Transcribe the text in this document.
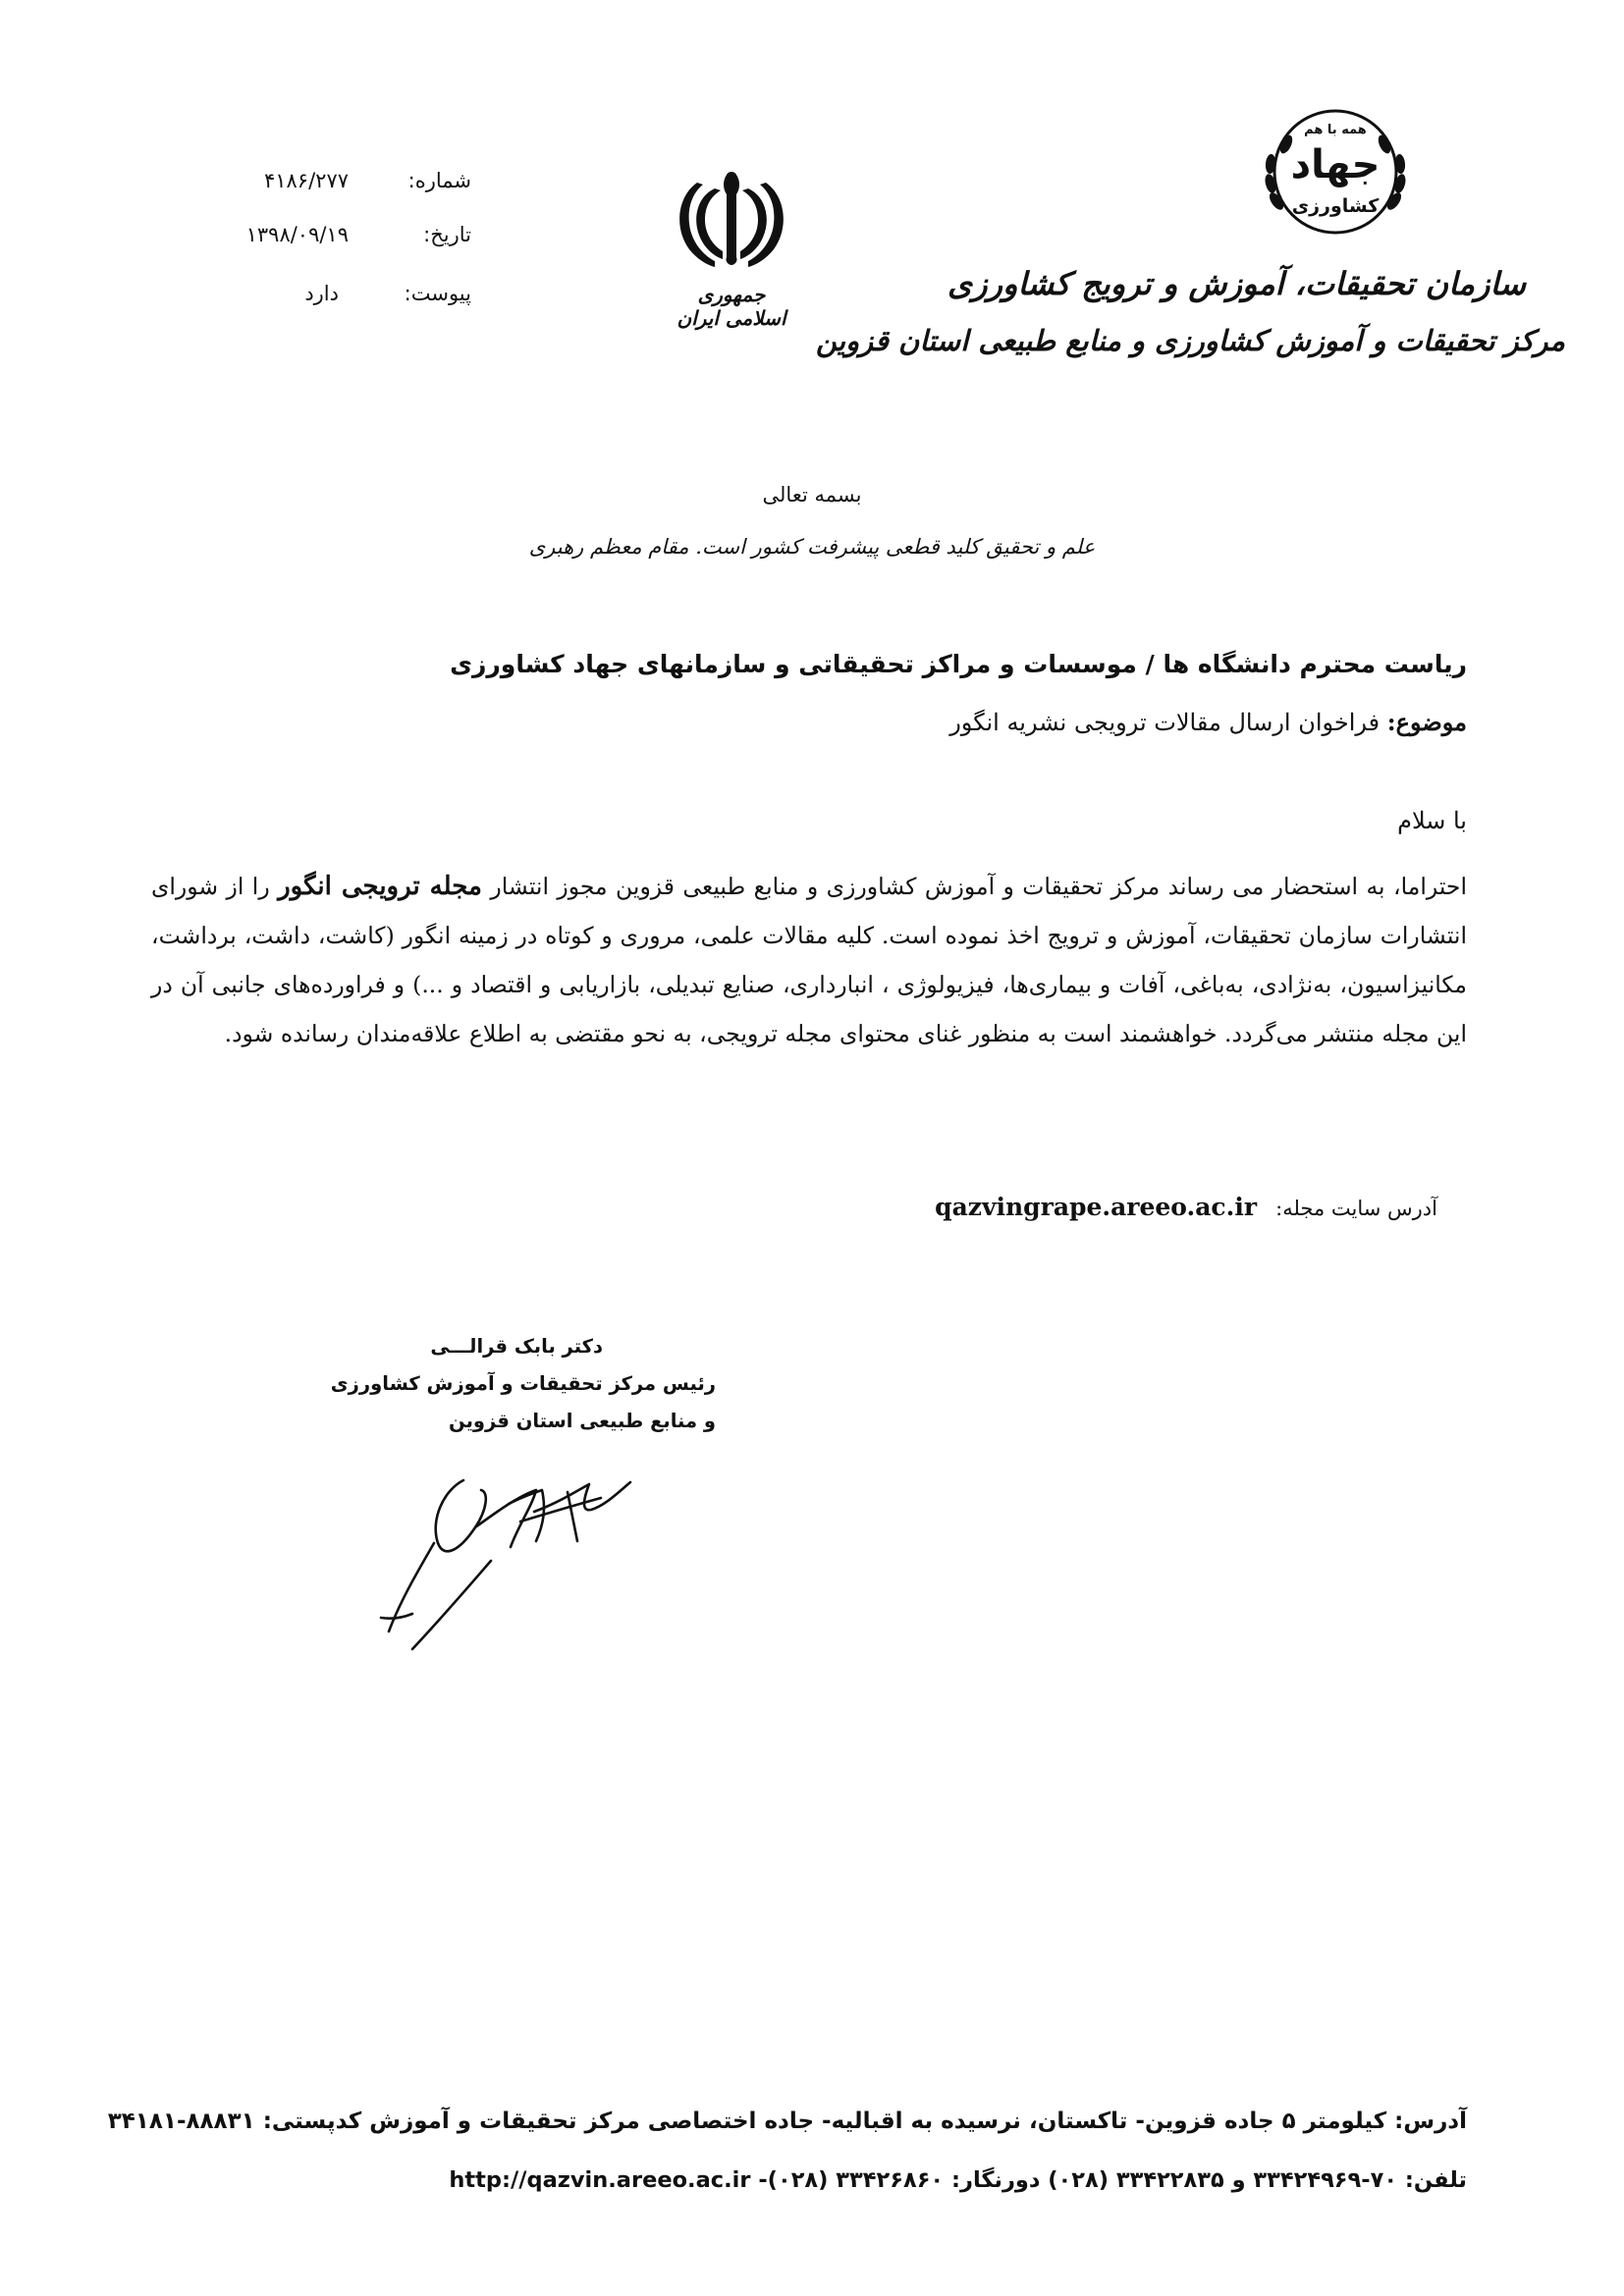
شماره:
۴۱۸۶/۲۷۷
تاریخ:
۱۳۹۸/۰۹/۱۹
پیوست:
دارد	جمهوری اسلامی ایران
همه با هم
جهاد
کشاورزی
سازمان تحقیقات، آموزش و ترویج کشاورزی
مرکز تحقیقات و آموزش کشاورزی و منابع طبیعی استان قزوین
بسمه تعالی
علم و تحقیق کلید قطعی پیشرفت کشور است. مقام معظم رهبری
ریاست محترم دانشگاه ها / موسسات و مراکز تحقیقاتی و سازمانهای جهاد کشاورزی
موضوع: فراخوان ارسال مقالات ترویجی نشریه انگور
با سلام

احتراما، به استحضار می رساند مرکز تحقیقات و آموزش کشاورزی و منابع طبیعی قزوین مجوز انتشار مجله ترویجی انگور را از شورای انتشارات سازمان تحقیقات، آموزش و ترویج اخذ نموده است. کلیه مقالات علمی، مروری و کوتاه در زمینه انگور (کاشت، داشت، برداشت، مکانیزاسیون، به‌نژادی، به‌باغی، آفات و بیماری‌ها، فیزیولوژی ، انبارداری، صنایع تبدیلی، بازاریابی و اقتصاد و ...) و فراورده‌های جانبی آن در این مجله منتشر می‌گردد. خواهشمند است به منظور غنای محتوای مجله ترویجی، به نحو مقتضی به اطلاع علاقه‌مندان رسانده شود.

آدرس سایت مجله: qazvingrape.areeo.ac.ir
دکتر بابک قرالـــی
رئیس مرکز تحقیقات و آموزش کشاورزی
و منابع طبیعی استان قزوین
آدرس: کیلومتر ۵ جاده قزوین- تاکستان، نرسیده به اقبالیه- جاده اختصاصی مرکز تحقیقات و آموزش کدپستی: ۸۸۸۳۱-۳۴۱۸۱
تلفن: ۷۰-۳۳۴۲۴۹۶۹ و ۳۳۴۲۲۸۳۵ (۰۲۸) دورنگار: ۳۳۴۲۶۸۶۰ (۰۲۸)- http://qazvin.areeo.ac.ir
